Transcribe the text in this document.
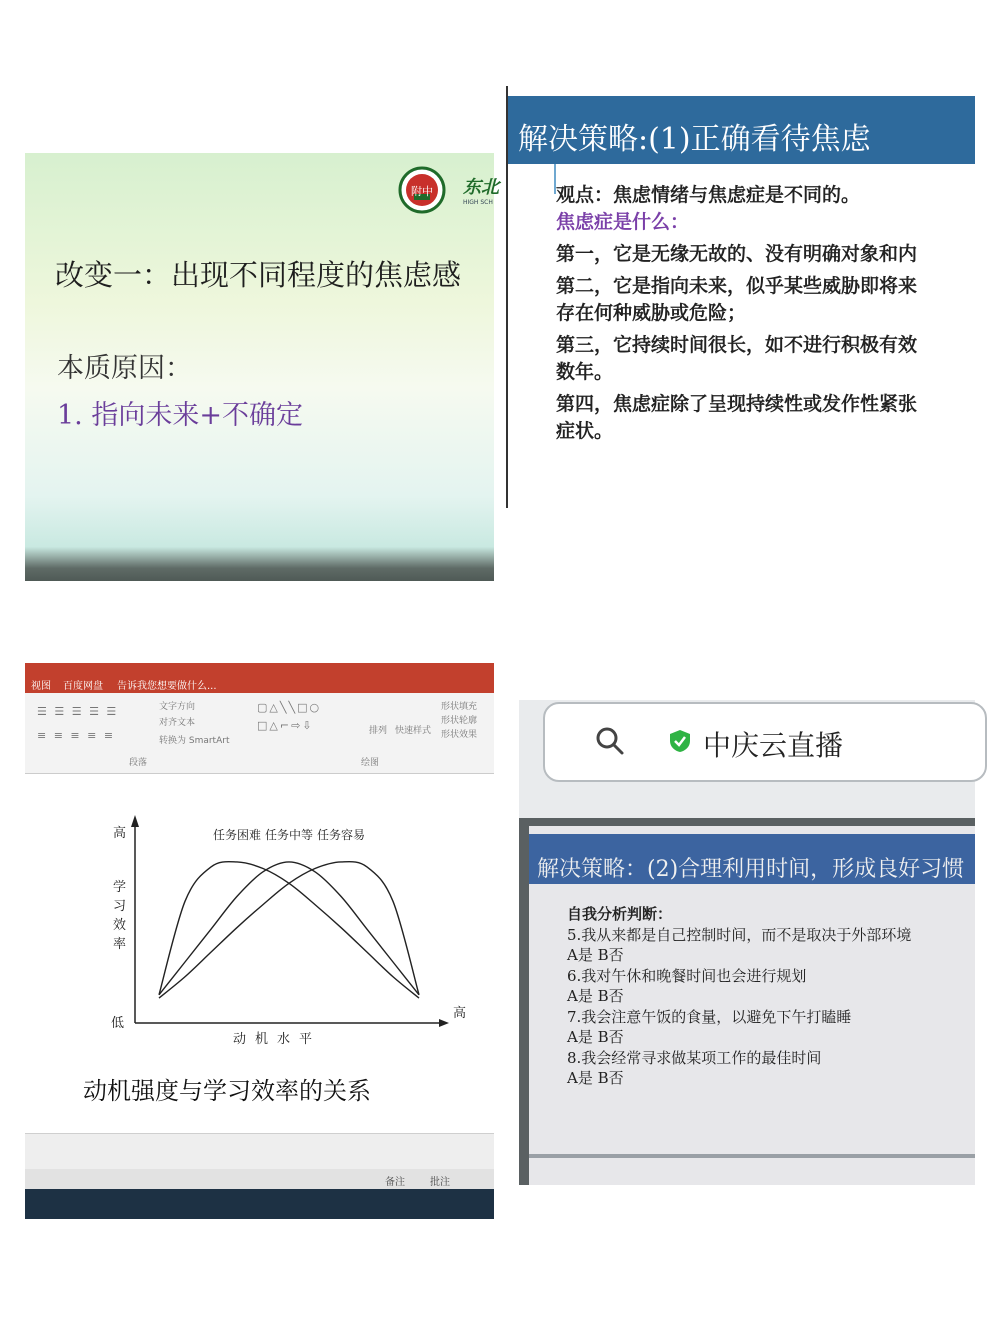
附中 东北
HIGH SCH
改变一：出现不同程度的焦虑感
本质原因：
1. 指向未来+不确定
解决策略:(1)正确看待焦虑
观点：焦虑情绪与焦虑症是不同的。
焦虑症是什么：
第一，它是无缘无故的、没有明确对象和内
第二，它是指向未来，似乎某些威胁即将来
存在何种威胁或危险；
第三，它持续时间很长，如不进行积极有效
数年。
第四，焦虑症除了呈现持续性或发作性紧张
症状。
视图 百度网盘 告诉我您想要做什么...
☰ ☰ ☰ ☰ ☰
≡ ≡ ≡ ≡ ≡
文字方向
对齐文本
转换为 SmartArt
▢△╲╲□○
□△⌐⇨⇩	排列 快速样式
形状填充
形状轮廓
形状效果
段落	绘图
高
低
高
动机水平
学
习
效
率
任务困难 任务中等 任务容易
动机强度与学习效率的关系
备注	批注
中庆云直播
解决策略：(2)合理利用时间，形成良好习惯
自我分析判断：
5.我从来都是自己控制时间，而不是取决于外部环境
A是 B否
6.我对午休和晚餐时间也会进行规划
A是 B否
7.我会注意午饭的食量，以避免下午打瞌睡
A是 B否
8.我会经常寻求做某项工作的最佳时间
A是 B否
